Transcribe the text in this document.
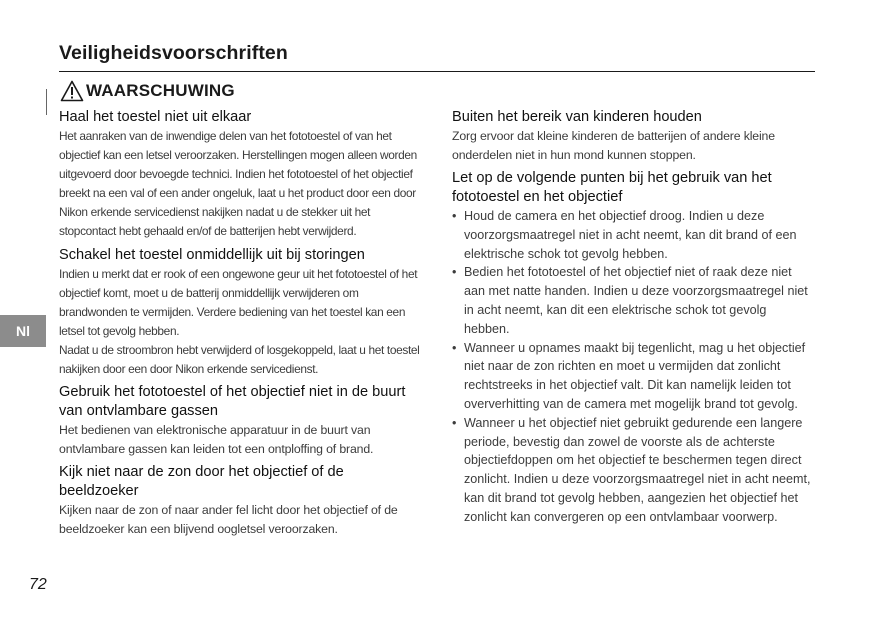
Veiligheidsvoorschriften
WAARSCHUWING
Nl

Haal het toestel niet uit elkaar

Het aanraken van de inwendige delen van het fototoestel of van het objectief kan een letsel veroorzaken. Herstellingen mogen alleen worden uitgevoerd door bevoegde technici. Indien het fototoestel of het objectief breekt na een val of een ander ongeluk, laat u het product door een door Nikon erkende servicedienst nakijken nadat u de stekker uit het stopcontact hebt gehaald en/of de batterijen hebt verwijderd.

Schakel het toestel onmiddellijk uit bij storingen

Indien u merkt dat er rook of een ongewone geur uit het fototoestel of het objectief komt, moet u de batterij onmiddellijk verwijderen om brandwonden te vermijden. Verdere bediening van het toestel kan een letsel tot gevolg hebben.

Nadat u de stroombron hebt verwijderd of losgekoppeld, laat u het toestel nakijken door een door Nikon erkende servicedienst.

Gebruik het fototoestel of het objectief niet in de buurt van ontvlambare gassen

Het bedienen van elektronische apparatuur in de buurt van ontvlambare gassen kan leiden tot een ontploffing of brand.

Kijk niet naar de zon door het objectief of de beeldzoeker

Kijken naar de zon of naar ander fel licht door het objectief of de beeldzoeker kan een blijvend oogletsel veroorzaken.

Buiten het bereik van kinderen houden

Zorg ervoor dat kleine kinderen de batterijen of andere kleine onderdelen niet in hun mond kunnen stoppen.

Let op de volgende punten bij het gebruik van het fototoestel en het objectief

• Houd de camera en het objectief droog. Indien u deze voorzorgsmaatregel niet in acht neemt, kan dit brand of een elektrische schok tot gevolg hebben.
• Bedien het fototoestel of het objectief niet of raak deze niet aan met natte handen. Indien u deze voorzorgsmaatregel niet in acht neemt, kan dit een elektrische schok tot gevolg hebben.
• Wanneer u opnames maakt bij tegenlicht, mag u het objectief niet naar de zon richten en moet u vermijden dat zonlicht rechtstreeks in het objectief valt. Dit kan namelijk leiden tot oververhitting van de camera met mogelijk brand tot gevolg.
• Wanneer u het objectief niet gebruikt gedurende een langere periode, bevestig dan zowel de voorste als de achterste objectiefdoppen om het objectief te beschermen tegen direct zonlicht. Indien u deze voorzorgsmaatregel niet in acht neemt, kan dit brand tot gevolg hebben, aangezien het objectief het zonlicht kan convergeren op een ontvlambaar voorwerp.
72
